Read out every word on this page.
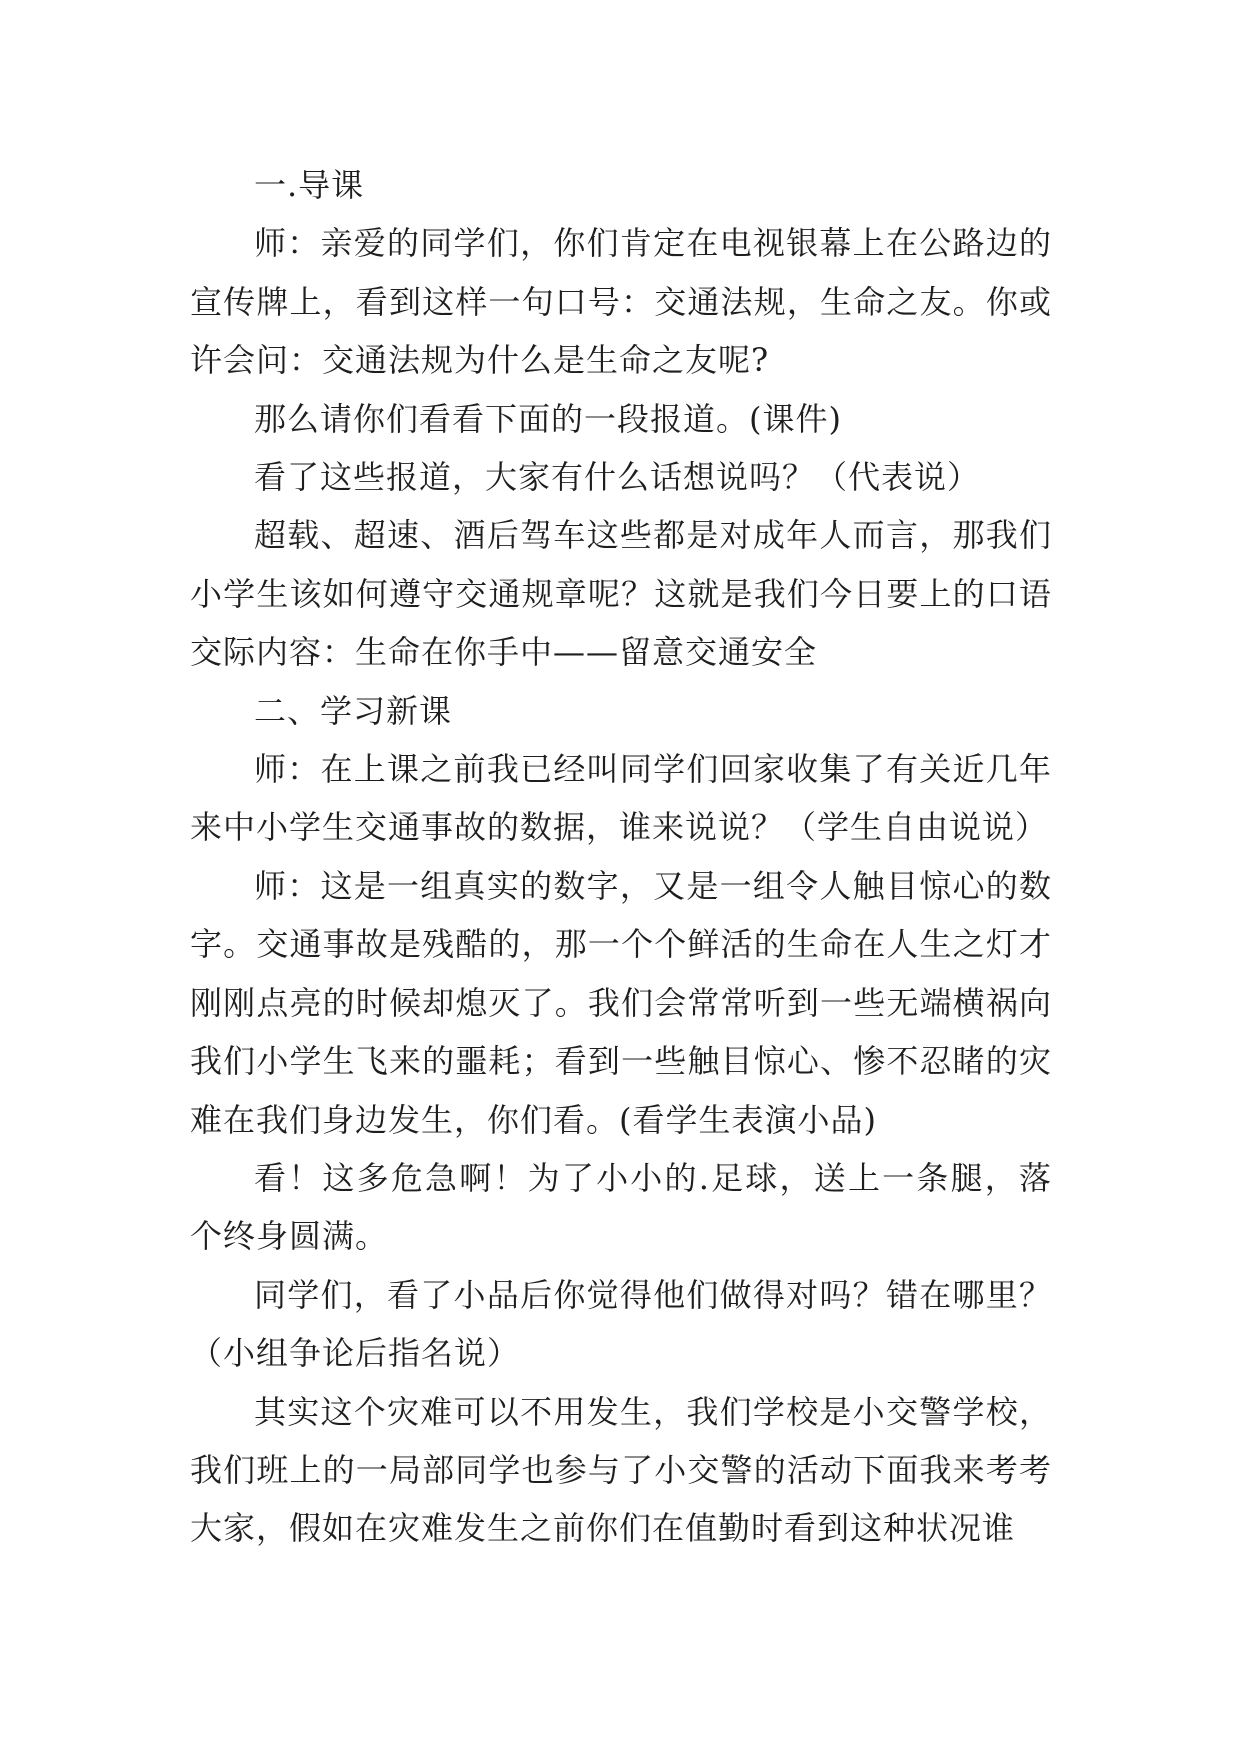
一.导课

师：亲爱的同学们，你们肯定在电视银幕上在公路边的宣传牌上，看到这样一句口号：交通法规，生命之友。你或许会问：交通法规为什么是生命之友呢?

那么请你们看看下面的一段报道。(课件)

看了这些报道，大家有什么话想说吗？（代表说）

超载、超速、酒后驾车这些都是对成年人而言，那我们小学生该如何遵守交通规章呢？这就是我们今日要上的口语交际内容：生命在你手中——留意交通安全

二、学习新课

师：在上课之前我已经叫同学们回家收集了有关近几年来中小学生交通事故的数据，谁来说说？（学生自由说说）

师：这是一组真实的数字，又是一组令人触目惊心的数字。交通事故是残酷的，那一个个鲜活的生命在人生之灯才刚刚点亮的时候却熄灭了。我们会常常听到一些无端横祸向我们小学生飞来的噩耗；看到一些触目惊心、惨不忍睹的灾难在我们身边发生，你们看。(看学生表演小品)

看！这多危急啊！为了小小的.足球，送上一条腿，落个终身圆满。

同学们，看了小品后你觉得他们做得对吗？错在哪里？（小组争论后指名说）

其实这个灾难可以不用发生，我们学校是小交警学校，我们班上的一局部同学也参与了小交警的活动下面我来考考大家，假如在灾难发生之前你们在值勤时看到这种状况谁
